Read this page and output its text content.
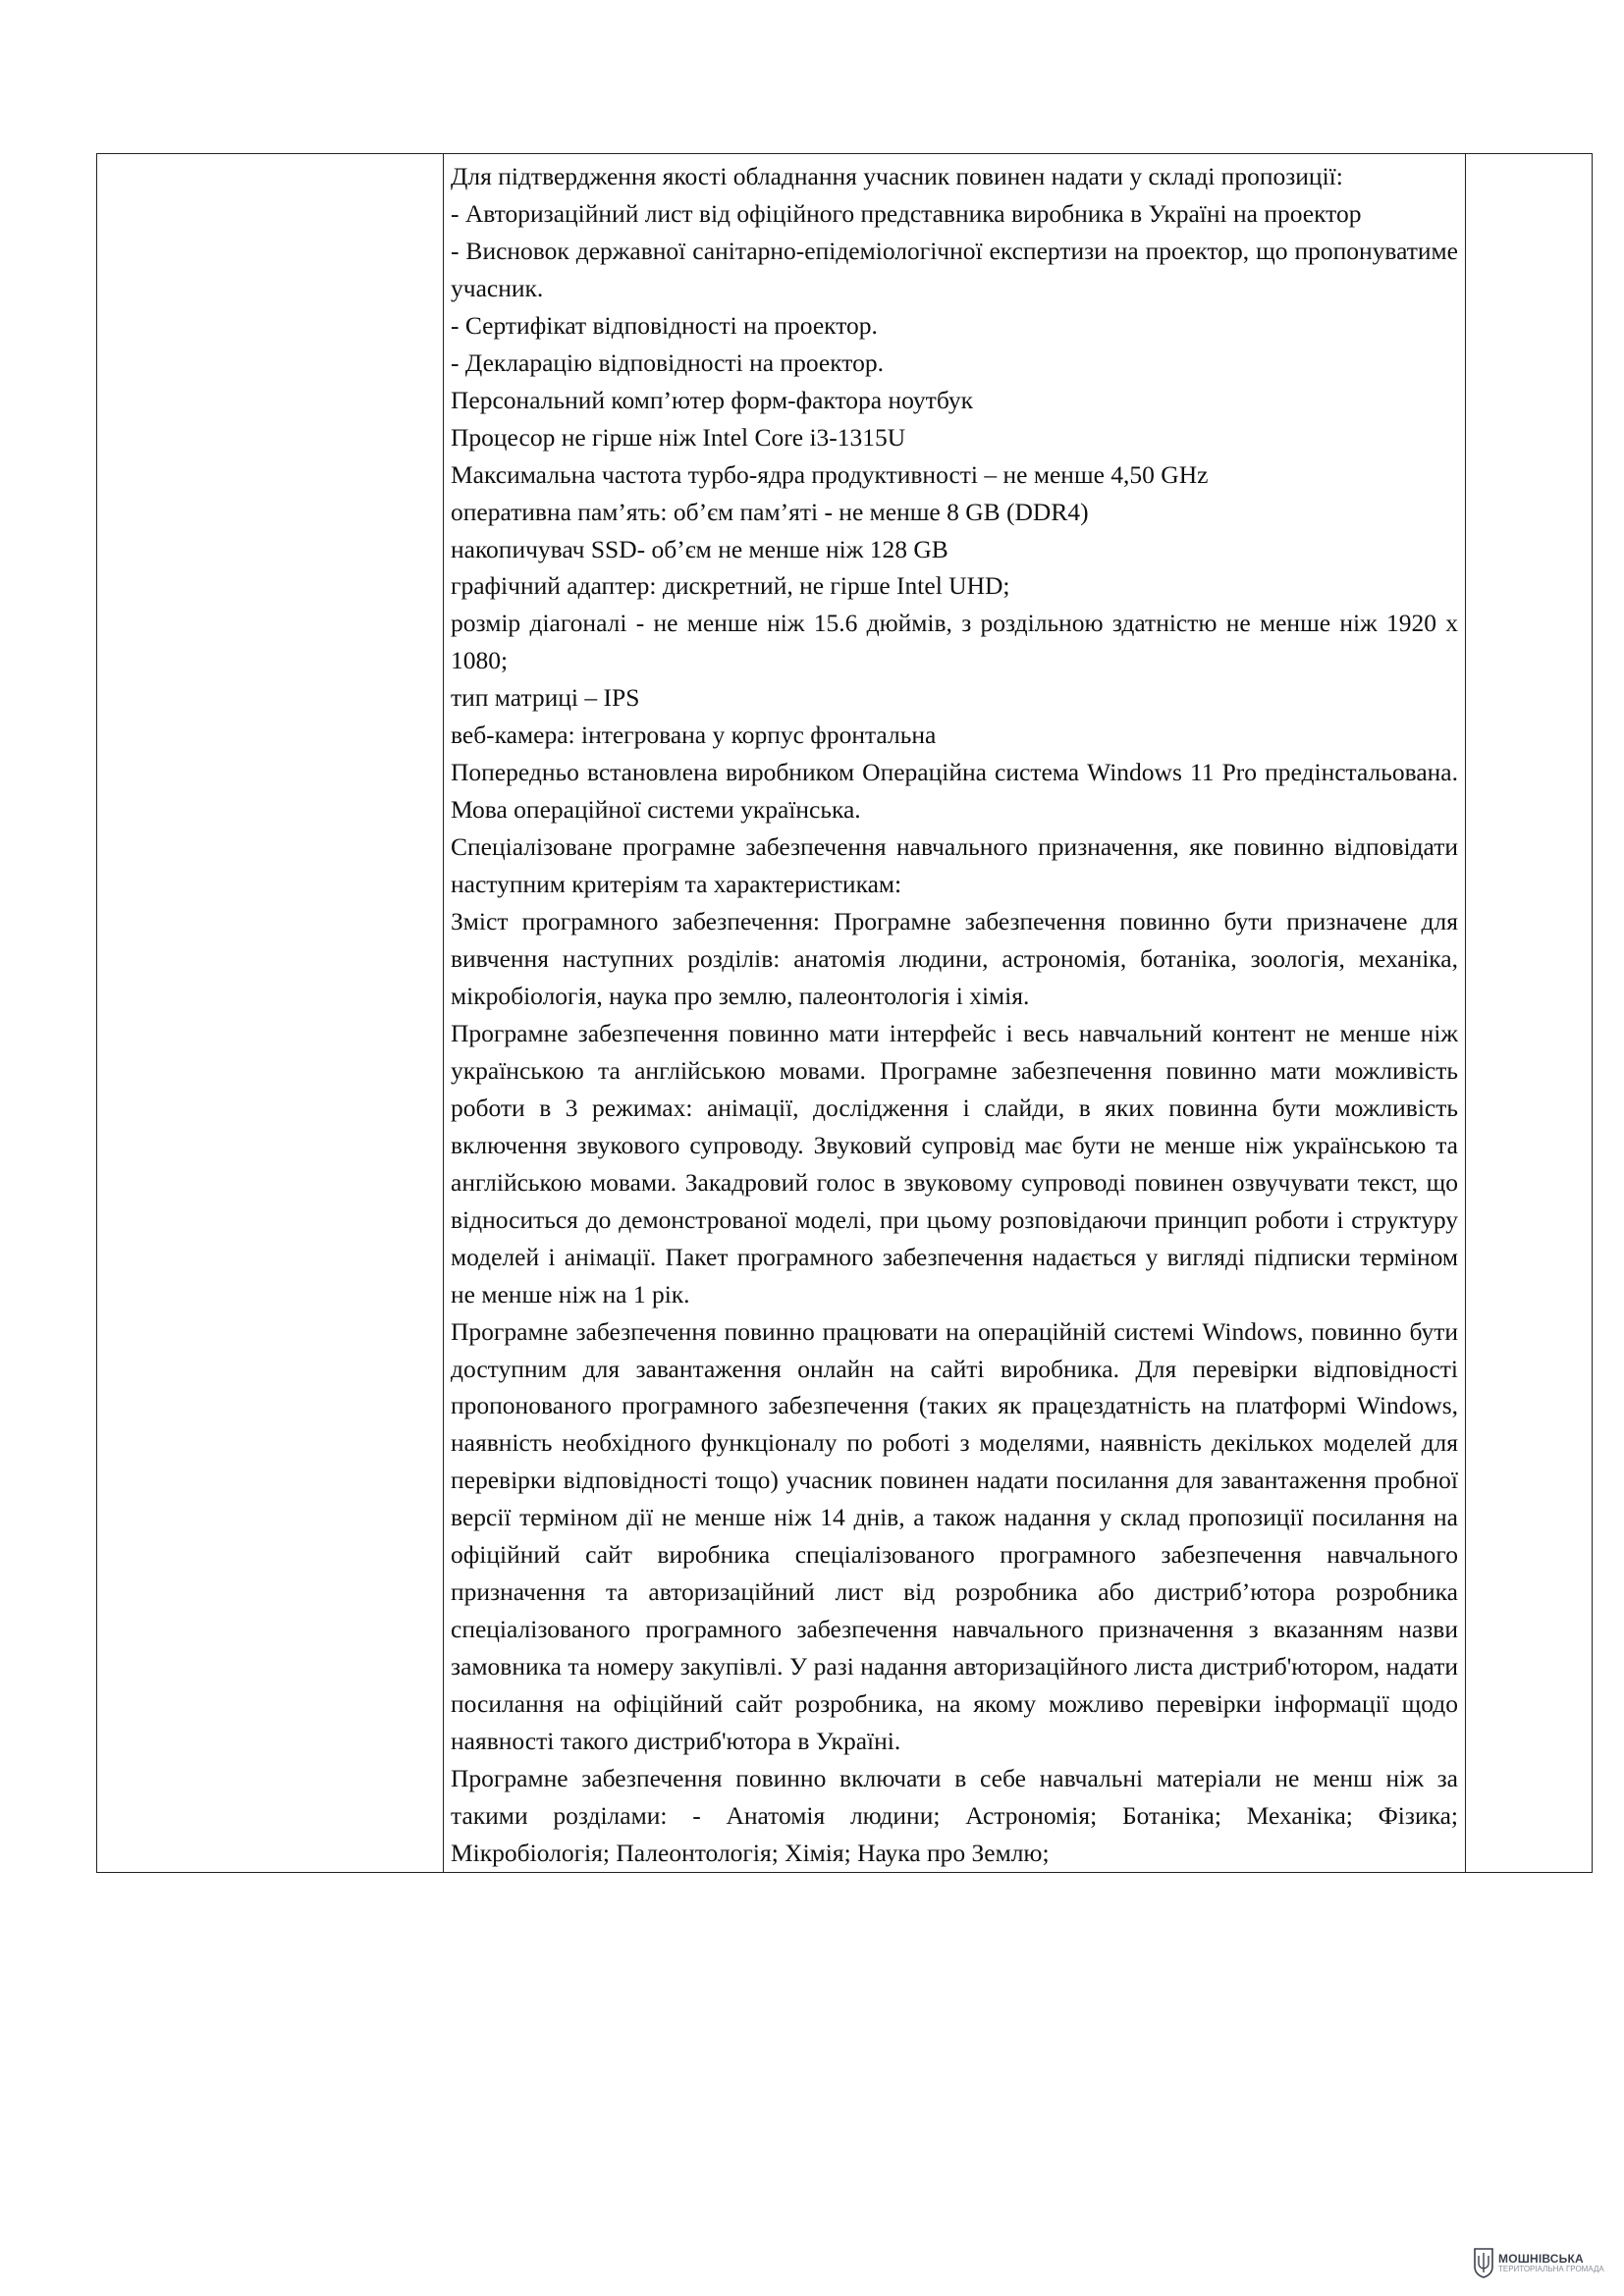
Для підтвердження якості обладнання учасник повинен надати у складі пропозиції:

- Авторизаційний лист від офіційного представника виробника в Україні на проектор

- Висновок державної санітарно-епідеміологічної експертизи на проектор, що пропонуватиме учасник.

- Сертифікат відповідності на проектор.

- Декларацію відповідності на проектор.

Персональний комп’ютер форм-фактора ноутбук

Процесор не гірше ніж Intel Core i3-1315U

Максимальна частота турбо-ядра продуктивності – не менше 4,50 GHz

оперативна пам’ять: об’єм пам’яті - не менше 8 GB (DDR4)

накопичувач SSD- об’єм не менше ніж 128 GB

графічний адаптер: дискретний, не гірше Intel UHD;

розмір діагоналі - не менше ніж 15.6 дюймів, з роздільною здатністю не менше ніж 1920 х 1080;

тип матриці – IPS

веб-камера: інтегрована у корпус фронтальна

Попередньо встановлена виробником Операційна система Windows 11 Pro предінстальована. Мова операційної системи українська.

Спеціалізоване програмне забезпечення навчального призначення, яке повинно відповідати наступним критеріям та характеристикам:

Зміст програмного забезпечення: Програмне забезпечення повинно бути призначене для вивчення наступних розділів: анатомія людини, астрономія, ботаніка, зоологія, механіка, мікробіологія, наука про землю, палеонтологія і хімія.

Програмне забезпечення повинно мати інтерфейс і весь навчальний контент не менше ніж українською та англійською мовами. Програмне забезпечення повинно мати можливість роботи в 3 режимах: анімації, дослідження і слайди, в яких повинна бути можливість включення звукового супроводу. Звуковий супровід має бути не менше ніж українською та англійською мовами. Закадровий голос в звуковому супроводі повинен озвучувати текст, що відноситься до демонстрованої моделі, при цьому розповідаючи принцип роботи і структуру моделей і анімації. Пакет програмного забезпечення надається у вигляді підписки терміном не менше ніж на 1 рік.

Програмне забезпечення повинно працювати на операційній системі Windows, повинно бути доступним для завантаження онлайн на сайті виробника. Для перевірки відповідності пропонованого програмного забезпечення (таких як працездатність на платформі Windows, наявність необхідного функціоналу по роботі з моделями, наявність декількох моделей для перевірки відповідності тощо) учасник повинен надати посилання для завантаження пробної версії терміном дії не менше ніж 14 днів, а також надання у склад пропозиції посилання на офіційний сайт виробника спеціалізованого програмного забезпечення навчального призначення та авторизаційний лист від розробника або дистриб’ютора розробника спеціалізованого програмного забезпечення навчального призначення з вказанням назви замовника та номеру закупівлі. У разі надання авторизаційного листа дистриб'ютором, надати посилання на офіційний сайт розробника, на якому можливо перевірки інформації щодо наявності такого дистриб'ютора в Україні.

Програмне забезпечення повинно включати в себе навчальні матеріали не менш ніж за такими розділами: - Анатомія людини; Астрономія; Ботаніка; Механіка; Фізика; Мікробіологія; Палеонтологія; Хімія; Наука про Землю;

МОШНІВСЬКА
ТЕРИТОРІАЛЬНА ГРОМАДА
